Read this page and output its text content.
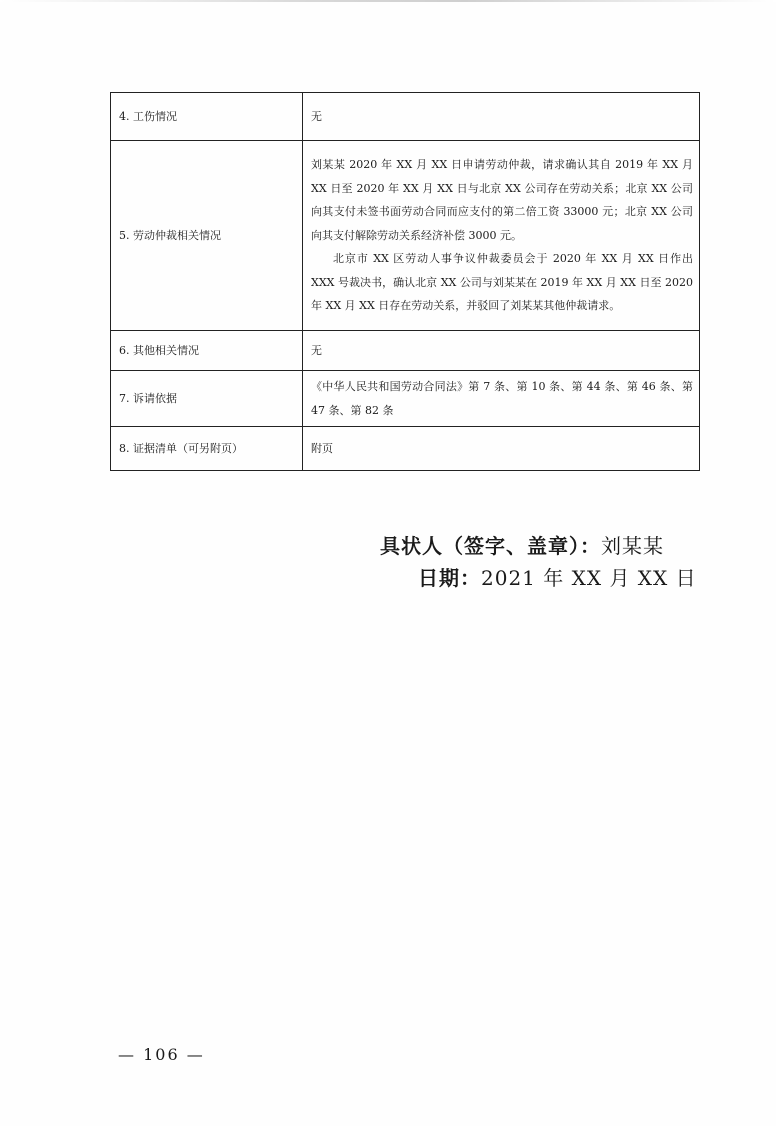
4. 工伤情况	无

5. 劳动仲裁相关情况	刘某某 2020 年 XX 月 XX 日申请劳动仲裁，请求确认其自 2019 年 XX 月 XX 日至 2020 年 XX 月 XX 日与北京 XX 公司存在劳动关系；北京 XX 公司向其支付未签书面劳动合同而应支付的第二倍工资 33000 元；北京 XX 公司向其支付解除劳动关系经济补偿 3000 元。

北京市 XX 区劳动人事争议仲裁委员会于 2020 年 XX 月 XX 日作出 XXX 号裁决书，确认北京 XX 公司与刘某某在 2019 年 XX 月 XX 日至 2020 年 XX 月 XX 日存在劳动关系，并驳回了刘某某其他仲裁请求。

6. 其他相关情况	无

7. 诉请依据	《中华人民共和国劳动合同法》第 7 条、第 10 条、第 44 条、第 46 条、第 47 条、第 82 条

8. 证据清单（可另附页）	附页

具状人（签字、盖章）：刘某某
日期：2021 年 XX 月 XX 日
— 106 —
